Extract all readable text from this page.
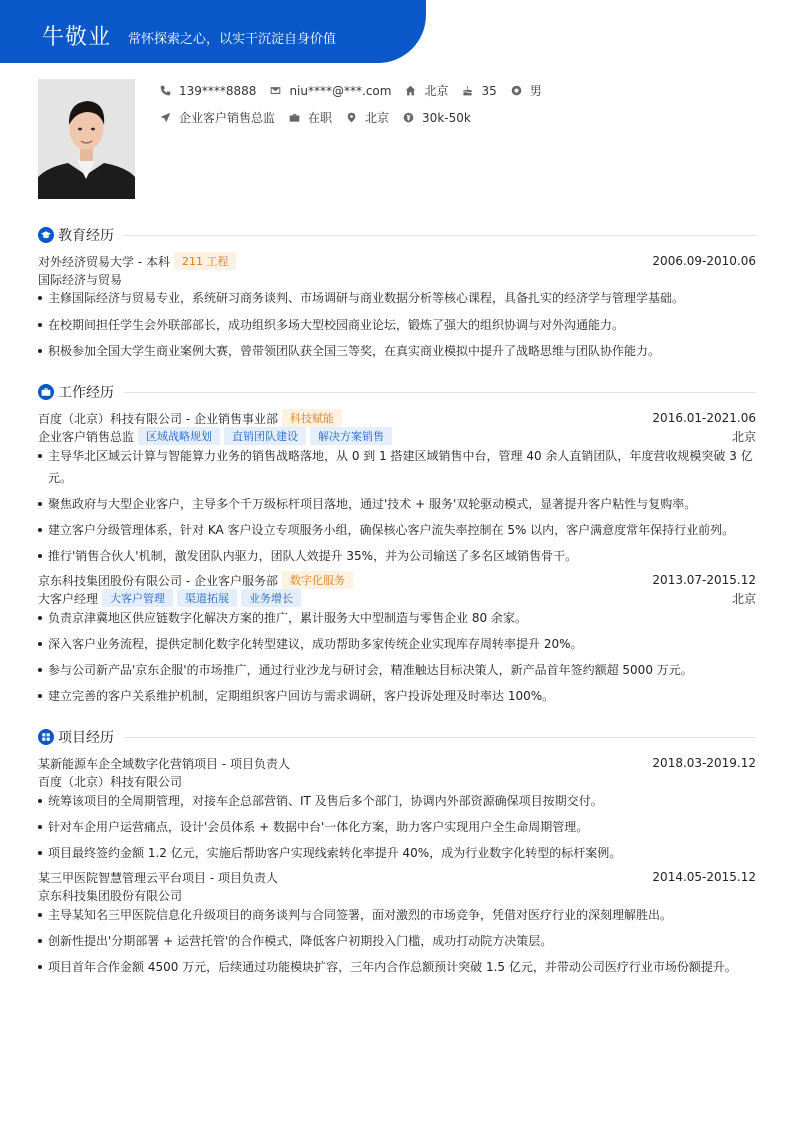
牛敬业 常怀探索之心，以实干沉淀自身价值
139****8888	niu****@***.com	北京	35	男
企业客户销售总监	在职	北京	30k-50k
教育经历
对外经济贸易大学 - 本科	211 工程	2006.09-2010.06
国际经济与贸易
主修国际经济与贸易专业，系统研习商务谈判、市场调研与商业数据分析等核心课程，具备扎实的经济学与管理学基础。
在校期间担任学生会外联部部长，成功组织多场大型校园商业论坛，锻炼了强大的组织协调与对外沟通能力。
积极参加全国大学生商业案例大赛，曾带领团队获全国三等奖，在真实商业模拟中提升了战略思维与团队协作能力。
工作经历
百度（北京）科技有限公司 - 企业销售事业部	科技赋能	2016.01-2021.06
企业客户销售总监	区域战略规划	直销团队建设	解决方案销售	北京
主导华北区域云计算与智能算力业务的销售战略落地，从 0 到 1 搭建区域销售中台，管理 40 余人直销团队，年度营收规模突破 3 亿元。
聚焦政府与大型企业客户，主导多个千万级标杆项目落地，通过'技术 + 服务'双轮驱动模式，显著提升客户粘性与复购率。
建立客户分级管理体系，针对 KA 客户设立专项服务小组，确保核心客户流失率控制在 5% 以内，客户满意度常年保持行业前列。
推行'销售合伙人'机制，激发团队内驱力，团队人效提升 35%，并为公司输送了多名区域销售骨干。
京东科技集团股份有限公司 - 企业客户服务部	数字化服务	2013.07-2015.12
大客户经理	大客户管理	渠道拓展	业务增长	北京
负责京津冀地区供应链数字化解决方案的推广，累计服务大中型制造与零售企业 80 余家。
深入客户业务流程，提供定制化数字化转型建议，成功帮助多家传统企业实现库存周转率提升 20%。
参与公司新产品'京东企服'的市场推广，通过行业沙龙与研讨会，精准触达目标决策人，新产品首年签约额超 5000 万元。
建立完善的客户关系维护机制，定期组织客户回访与需求调研，客户投诉处理及时率达 100%。
项目经历
某新能源车企全域数字化营销项目 - 项目负责人	2018.03-2019.12
百度（北京）科技有限公司
统筹该项目的全周期管理，对接车企总部营销、IT 及售后多个部门，协调内外部资源确保项目按期交付。
针对车企用户运营痛点，设计'会员体系 + 数据中台'一体化方案，助力客户实现用户全生命周期管理。
项目最终签约金额 1.2 亿元，实施后帮助客户实现线索转化率提升 40%，成为行业数字化转型的标杆案例。
某三甲医院智慧管理云平台项目 - 项目负责人	2014.05-2015.12
京东科技集团股份有限公司
主导某知名三甲医院信息化升级项目的商务谈判与合同签署，面对激烈的市场竞争，凭借对医疗行业的深刻理解胜出。
创新性提出'分期部署 + 运营托管'的合作模式，降低客户初期投入门槛，成功打动院方决策层。
项目首年合作金额 4500 万元，后续通过功能模块扩容，三年内合作总额预计突破 1.5 亿元，并带动公司医疗行业市场份额提升。
